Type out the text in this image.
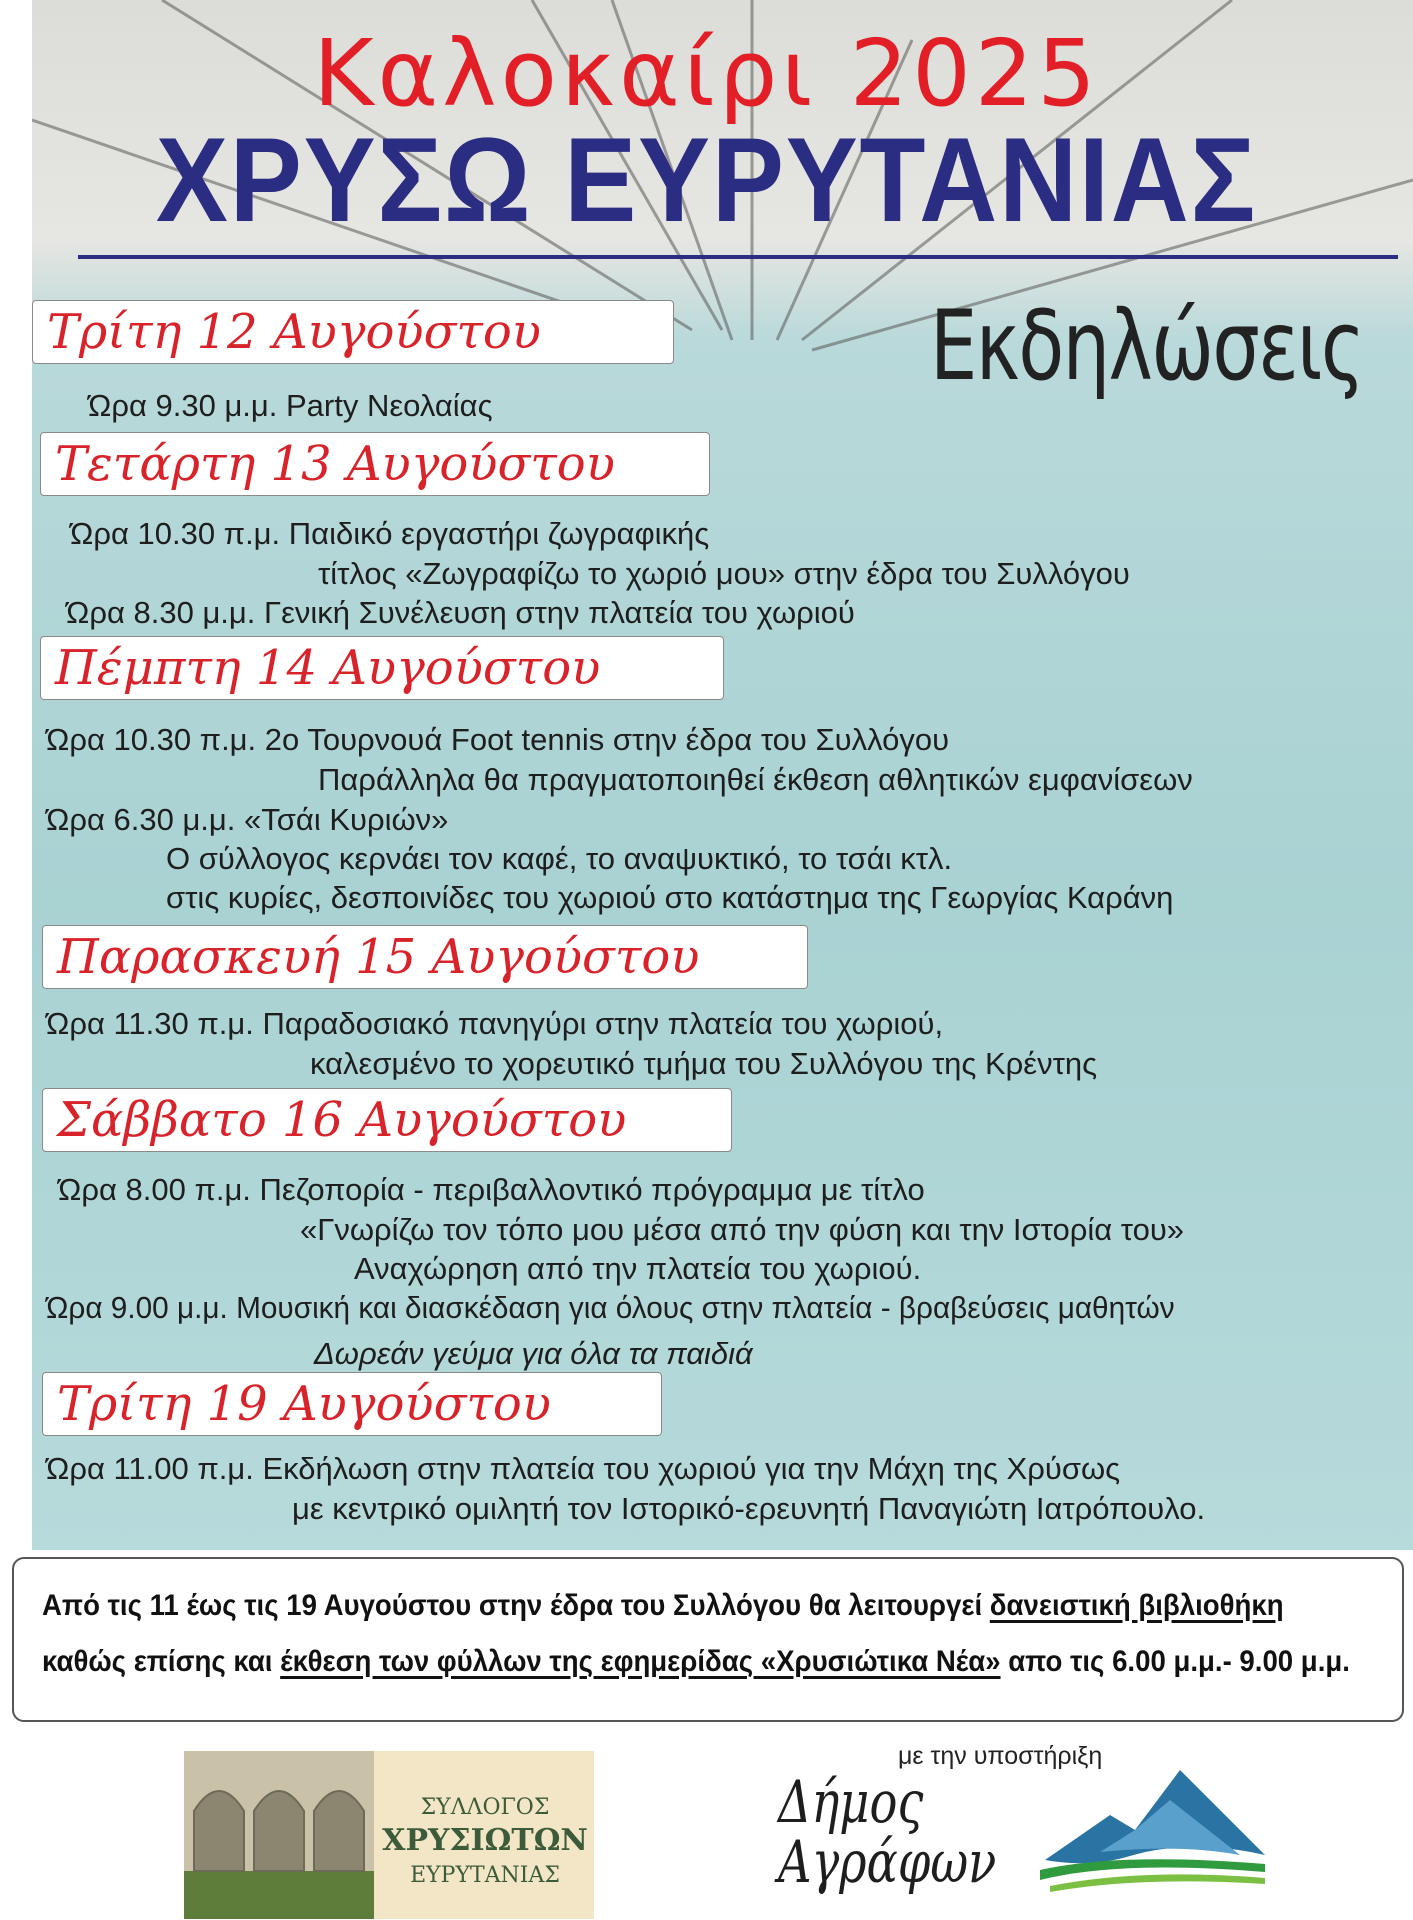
Καλοκαίρι 2025
ΧΡΥΣΩ ΕΥΡΥΤΑΝΙΑΣ
Εκδηλώσεις
Τρίτη 12 Αυγούστου
Ώρα 9.30 μ.μ. Party Νεολαίας
Τετάρτη 13 Αυγούστου
Ώρα 10.30 π.μ. Παιδικό εργαστήρι ζωγραφικής
τίτλος «Ζωγραφίζω το χωριό μου» στην έδρα του Συλλόγου
Ώρα 8.30 μ.μ. Γενική Συνέλευση στην πλατεία του χωριού
Πέμπτη 14 Αυγούστου
Ώρα 10.30 π.μ. 2ο Τουρνουά Foot tennis στην έδρα του Συλλόγου
Παράλληλα θα πραγματοποιηθεί έκθεση αθλητικών εμφανίσεων
Ώρα 6.30 μ.μ. «Τσάι Κυριών»
Ο σύλλογος κερνάει τον καφέ, το αναψυκτικό, το τσάι κτλ.
στις κυρίες, δεσποινίδες του χωριού στο κατάστημα της Γεωργίας Καράνη
Παρασκευή 15 Αυγούστου
Ώρα 11.30 π.μ. Παραδοσιακό πανηγύρι στην πλατεία του χωριού,
καλεσμένο το χορευτικό τμήμα του Συλλόγου της Κρέντης
Σάββατο 16 Αυγούστου
Ώρα 8.00 π.μ. Πεζοπορία - περιβαλλοντικό πρόγραμμα με τίτλο
«Γνωρίζω τον τόπο μου μέσα από την φύση και την Ιστορία του»
Αναχώρηση από την πλατεία του χωριού.
Ώρα 9.00 μ.μ. Μουσική και διασκέδαση για όλους στην πλατεία - βραβεύσεις μαθητών
Δωρεάν γεύμα για όλα τα παιδιά
Τρίτη 19 Αυγούστου
Ώρα 11.00 π.μ. Εκδήλωση στην πλατεία του χωριού για την Μάχη της Χρύσως
με κεντρικό ομιλητή τον Ιστορικό-ερευνητή Παναγιώτη Ιατρόπουλο.
Από τις 11 έως τις 19 Αυγούστου στην έδρα του Συλλόγου θα λειτουργεί δανειστική βιβλιοθήκη
καθώς επίσης και έκθεση των φύλλων της εφημερίδας «Χρυσιώτικα Νέα» απο τις 6.00 μ.μ.- 9.00 μ.μ.
με την υποστήριξη
ΣΥΛΛΟΓΟΣ
ΧΡΥΣΙΩΤΩΝ
ΕΥΡΥΤΑΝΙΑΣ
Δήμος
Αγράφων
